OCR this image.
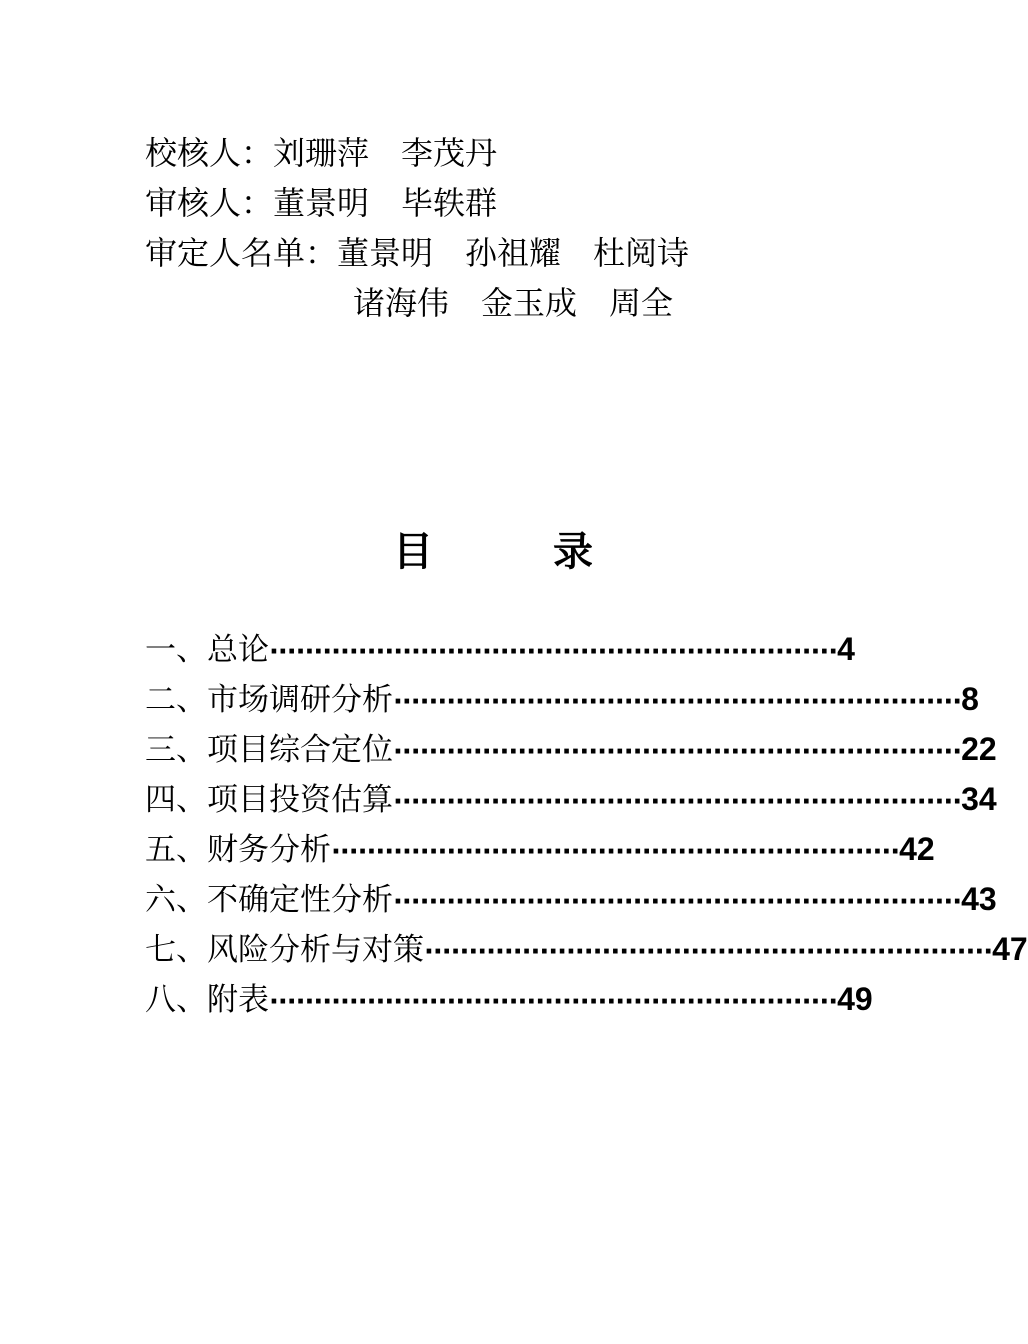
校核人：刘珊萍　李茂丹
审核人：董景明　毕轶群
审定人名单：董景明　孙祖耀　杜阅诗
诸海伟　金玉成　周全
目　　　录
一、总论 ································································ 4
二、市场调研分析 ································································ 8
三、项目综合定位 ································································ 22
四、项目投资估算 ································································ 34
五、财务分析 ································································ 42
六、不确定性分析 ································································ 43
七、风险分析与对策 ································································ 47
八、附表 ································································ 49
